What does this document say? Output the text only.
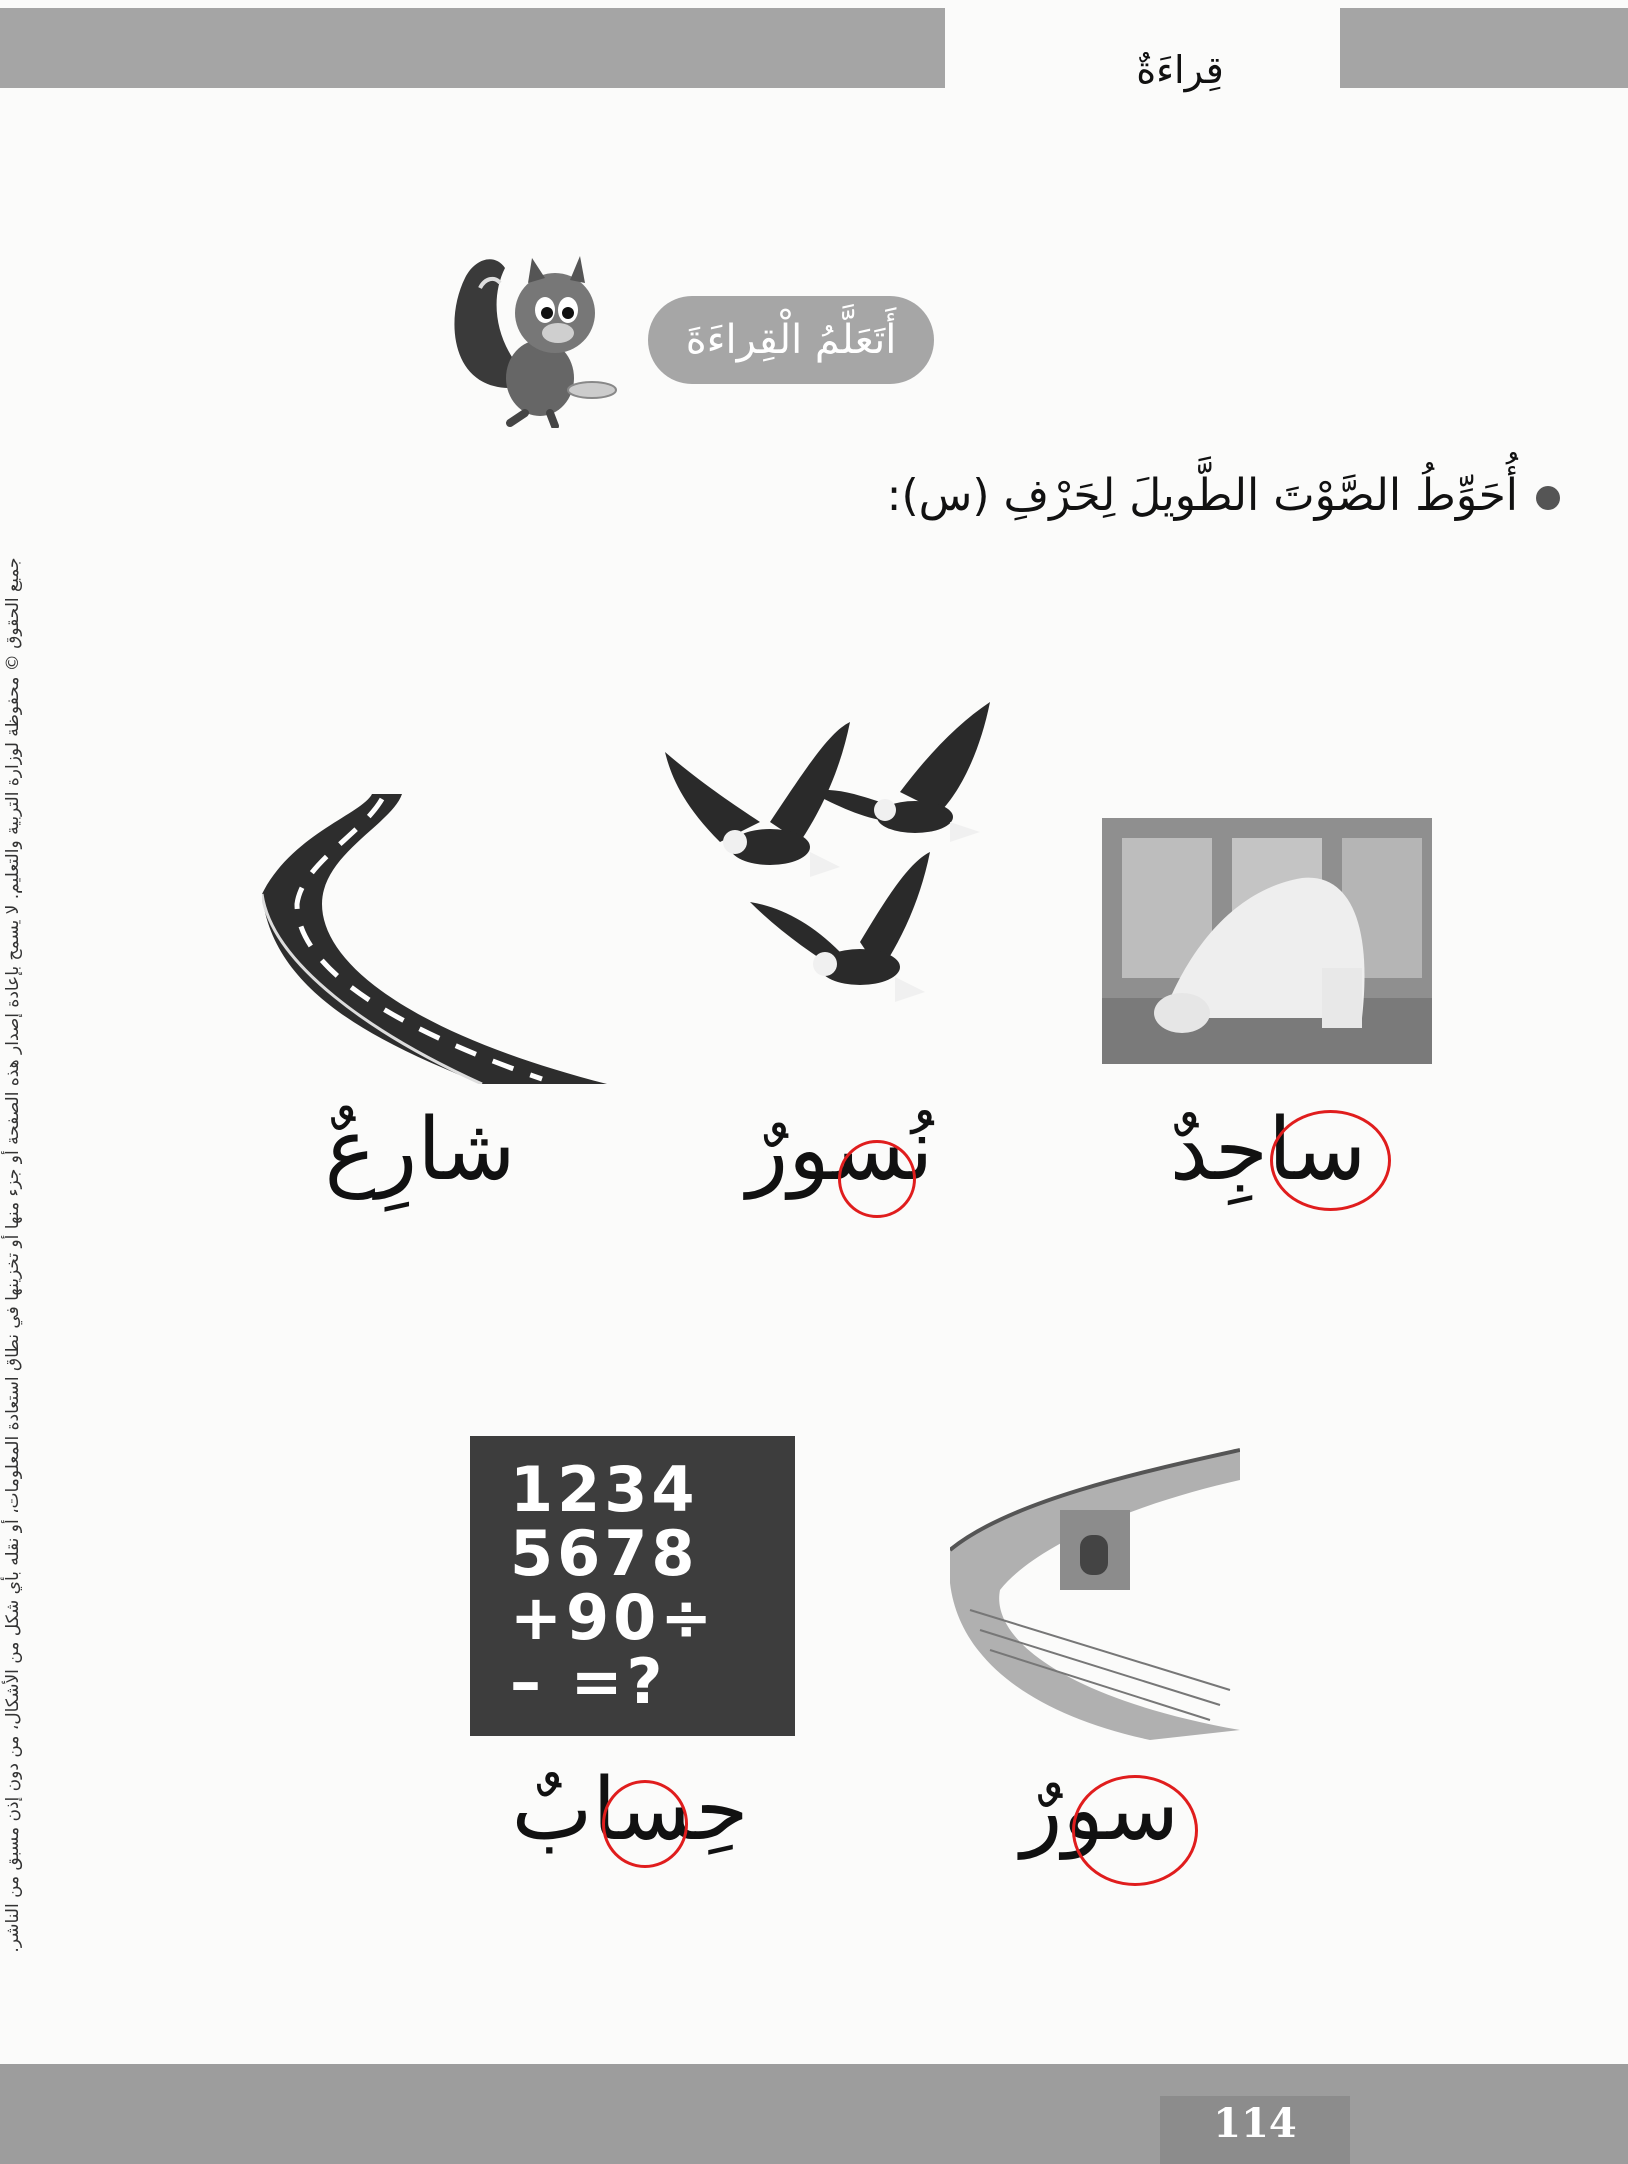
قِراءَةٌ
جميع الحقوق © محفوظة لوزارة التربية والتعليم. لا يسمح بإعادة إصدار هذه الصفحة أو جزء منها أو تخزينها في نطاق استعادة المعلومات، أو نقله بأي شكل من الأشكال، من دون إذن مسبق من الناشر.
أَتَعَلَّمُ الْقِراءَةَ
أُحَوِّطُ الصَّوْتَ الطَّويلَ لِحَرْفِ (س):
ساجِدٌ
نُسورٌ
شارِعٌ
سورٌ
1234
5678
+90÷
– =?
حِسابٌ
114
